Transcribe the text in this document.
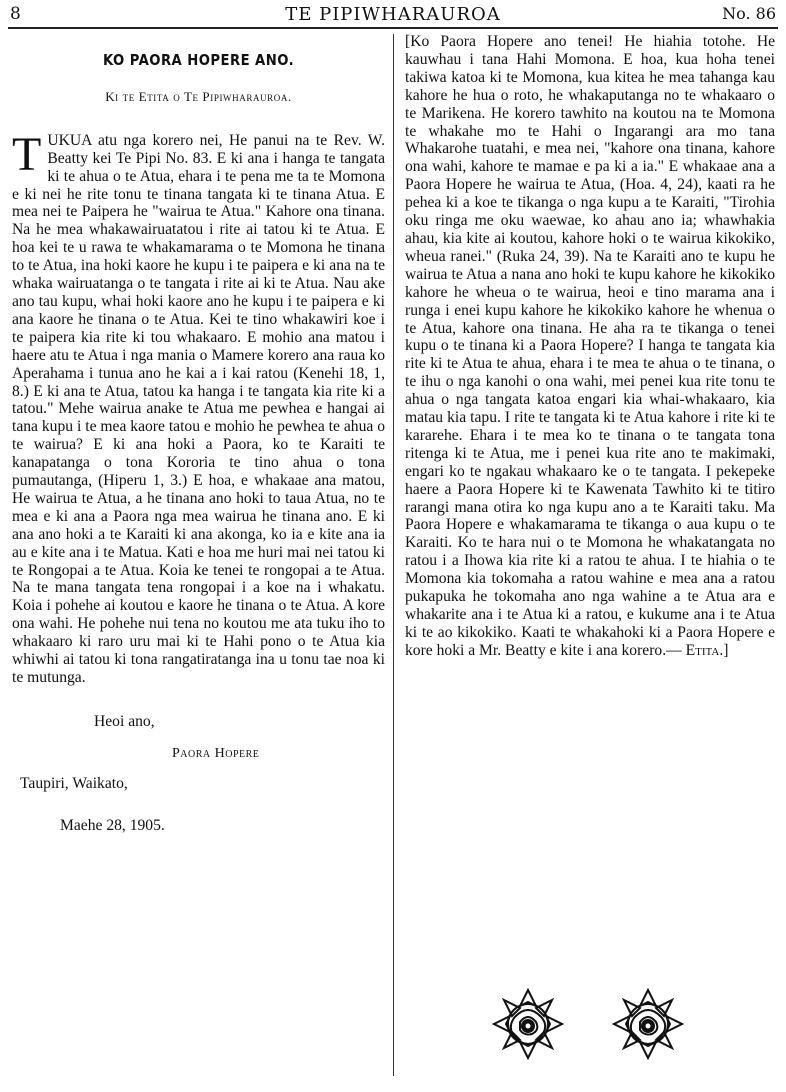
8	TE PIPIWHARAUROA	No. 86
KO PAORA HOPERE ANO.
Ki te Etita o Te Pipiwharauroa.
T UKUA atu nga korero nei, He panui na te Rev. W. Beatty kei Te Pipi No. 83. E ki ana i hanga te tangata ki te ahua o te Atua, ehara i te pena me ta te Momona e ki nei he rite tonu te tinana tangata ki te tinana Atua. E mea nei te Paipera he "wairua te Atua." Kahore ona tinana. Na he mea whakawairuatatou i rite ai tatou ki te Atua. E hoa kei te u rawa te whakamarama o te Momona he tinana to te Atua, ina hoki kaore he kupu i te paipera e ki ana na te whaka wairuatanga o te tangata i rite ai ki te Atua. Nau ake ano tau kupu, whai hoki kaore ano he kupu i te paipera e ki ana kaore he tinana o te Atua. Kei te tino whakawiri koe i te paipera kia rite ki tou whakaaro. E mohio ana matou i haere atu te Atua i nga mania o Mamere korero ana raua ko Aperahama i tunua ano he kai a i kai ratou (Kenehi 18, 1, 8.) E ki ana te Atua, tatou ka hanga i te tangata kia rite ki a tatou." Mehe wairua anake te Atua me pewhea e hangai ai tana kupu i te mea kaore tatou e mohio he pewhea te ahua o te wairua? E ki ana hoki a Paora, ko te Karaiti te kanapatanga o tona Kororia te tino ahua o tona pumautanga, (Hiperu 1, 3.) E hoa, e whakaae ana matou, He wairua te Atua, a he tinana ano hoki to taua Atua, no te mea e ki ana a Paora nga mea wairua he tinana ano. E ki ana ano hoki a te Karaiti ki ana akonga, ko ia e kite ana ia au e kite ana i te Matua. Kati e hoa me huri mai nei tatou ki te Rongopai a te Atua. Koia ke tenei te rongopai a te Atua. Na te mana tangata tena rongopai i a koe na i whakatu. Koia i pohehe ai koutou e kaore he tinana o te Atua. A kore ona wahi. He pohehe nui tena no koutou me ata tuku iho to whakaaro ki raro uru mai ki te Hahi pono o te Atua kia whiwhi ai tatou ki tona rangatiratanga ina u tonu tae noa ki te mutunga.

Heoi ano,
Paora Hopere
Taupiri, Waikato,
Maehe 28, 1905.

[Ko Paora Hopere ano tenei! He hiahia totohe. He kauwhau i tana Hahi Momona. E hoa, kua hoha tenei takiwa katoa ki te Momona, kua kitea he mea tahanga kau kahore he hua o roto, he whakaputanga no te whakaaro o te Marikena. He korero tawhito na koutou na te Momona te whakahe mo te Hahi o Ingarangi ara mo tana Whakarohe tuatahi, e mea nei, "kahore ona tinana, kahore ona wahi, kahore te mamae e pa ki a ia." E whakaae ana a Paora Hopere he wairua te Atua, (Hoa. 4, 24), kaati ra he pehea ki a koe te tikanga o nga kupu a te Karaiti, "Tirohia oku ringa me oku waewae, ko ahau ano ia; whawhakia ahau, kia kite ai koutou, kahore hoki o te wairua kikokiko, wheua ranei." (Ruka 24, 39). Na te Karaiti ano te kupu he wairua te Atua a nana ano hoki te kupu kahore he kikokiko kahore he wheua o te wairua, heoi e tino marama ana i runga i enei kupu kahore he kikokiko kahore he whenua o te Atua, kahore ona tinana. He aha ra te tikanga o tenei kupu o te tinana ki a Paora Hopere? I hanga te tangata kia rite ki te Atua te ahua, ehara i te mea te ahua o te tinana, o te ihu o nga kanohi o ona wahi, mei penei kua rite tonu te ahua o nga tangata katoa engari kia whai-whakaaro, kia matau kia tapu. I rite te tangata ki te Atua kahore i rite ki te kararehe. Ehara i te mea ko te tinana o te tangata tona ritenga ki te Atua, me i penei kua rite ano te makimaki, engari ko te ngakau whakaaro ke o te tangata. I pekepeke haere a Paora Hopere ki te Kawenata Tawhito ki te titiro rarangi mana otira ko nga kupu ano a te Karaiti taku. Ma Paora Hopere e whakamarama te tikanga o aua kupu o te Karaiti. Ko te hara nui o te Momona he whakatangata no ratou i a Ihowa kia rite ki a ratou te ahua. I te hiahia o te Momona kia tokomaha a ratou wahine e mea ana a ratou pukapuka he tokomaha ano nga wahine a te Atua ara e whakarite ana i te Atua ki a ratou, e kukume ana i te Atua ki te ao kikokiko. Kaati te whakahoki ki a Paora Hopere e kore hoki a Mr. Beatty e kite i ana korero.— Etita.]
